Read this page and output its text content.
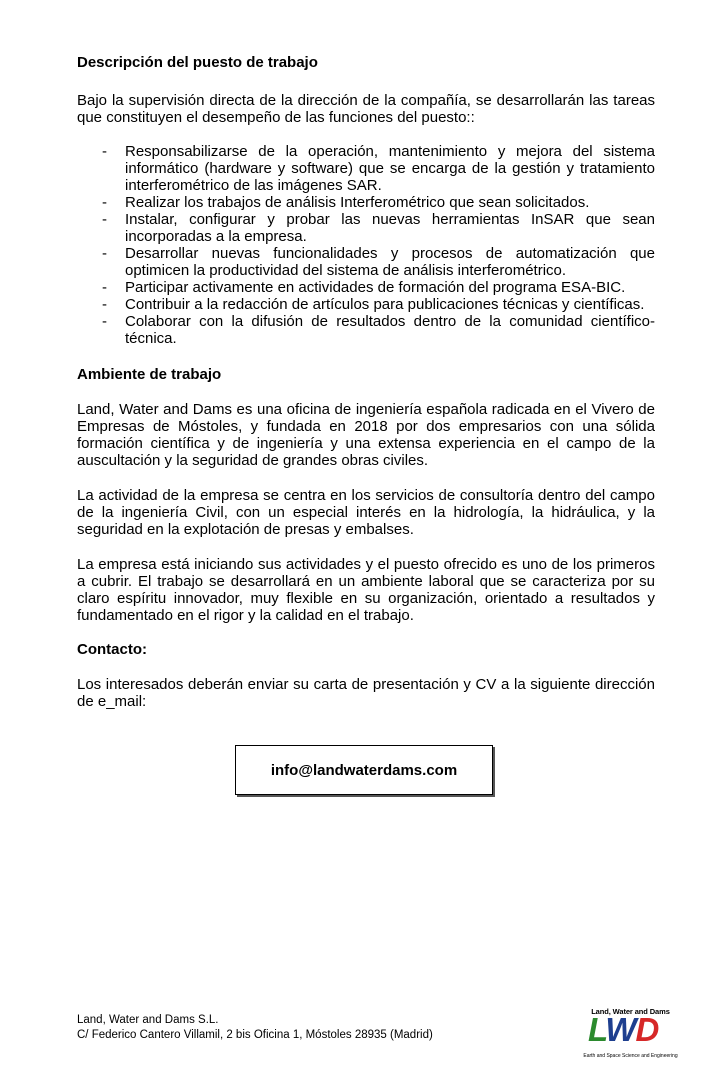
Descripción del puesto de trabajo

Bajo la supervisión directa de la dirección de la compañía, se desarrollarán las tareas que constituyen el desempeño de las funciones del puesto::

- Responsabilizarse de la operación, mantenimiento y mejora del sistema informático (hardware y software) que se encarga de la gestión y tratamiento interferométrico de las imágenes SAR.
- Realizar los trabajos de análisis Interferométrico que sean solicitados.
- Instalar, configurar y probar las nuevas herramientas InSAR que sean incorporadas a la empresa.
- Desarrollar nuevas funcionalidades y procesos de automatización que optimicen la productividad del sistema de análisis interferométrico.
- Participar activamente en actividades de formación del programa ESA-BIC.
- Contribuir a la redacción de artículos para publicaciones técnicas y científicas.
- Colaborar con la difusión de resultados dentro de la comunidad científico-técnica.

Ambiente de trabajo

Land, Water and Dams es una oficina de ingeniería española radicada en el Vivero de Empresas de Móstoles, y fundada en 2018 por dos empresarios con una sólida formación científica y de ingeniería y una extensa experiencia en el campo de la auscultación y la seguridad de grandes obras civiles.

La actividad de la empresa se centra en los servicios de consultoría dentro del campo de la ingeniería Civil, con un especial interés en la hidrología, la hidráulica, y la seguridad en la explotación de presas y embalses.

La empresa está iniciando sus actividades y el puesto ofrecido es uno de los primeros a cubrir. El trabajo se desarrollará en un ambiente laboral que se caracteriza por su claro espíritu innovador, muy flexible en su organización, orientado a resultados y fundamentado en el rigor y la calidad en el trabajo.

Contacto:

Los interesados deberán enviar su carta de presentación y CV a la siguiente dirección de e_mail:

info@landwaterdams.com
Land, Water and Dams S.L.
C/ Federico Cantero Villamil, 2 bis Oficina 1, Móstoles 28935 (Madrid)
Land, Water and Dams
LWD
Earth and Space Science and Engineering
